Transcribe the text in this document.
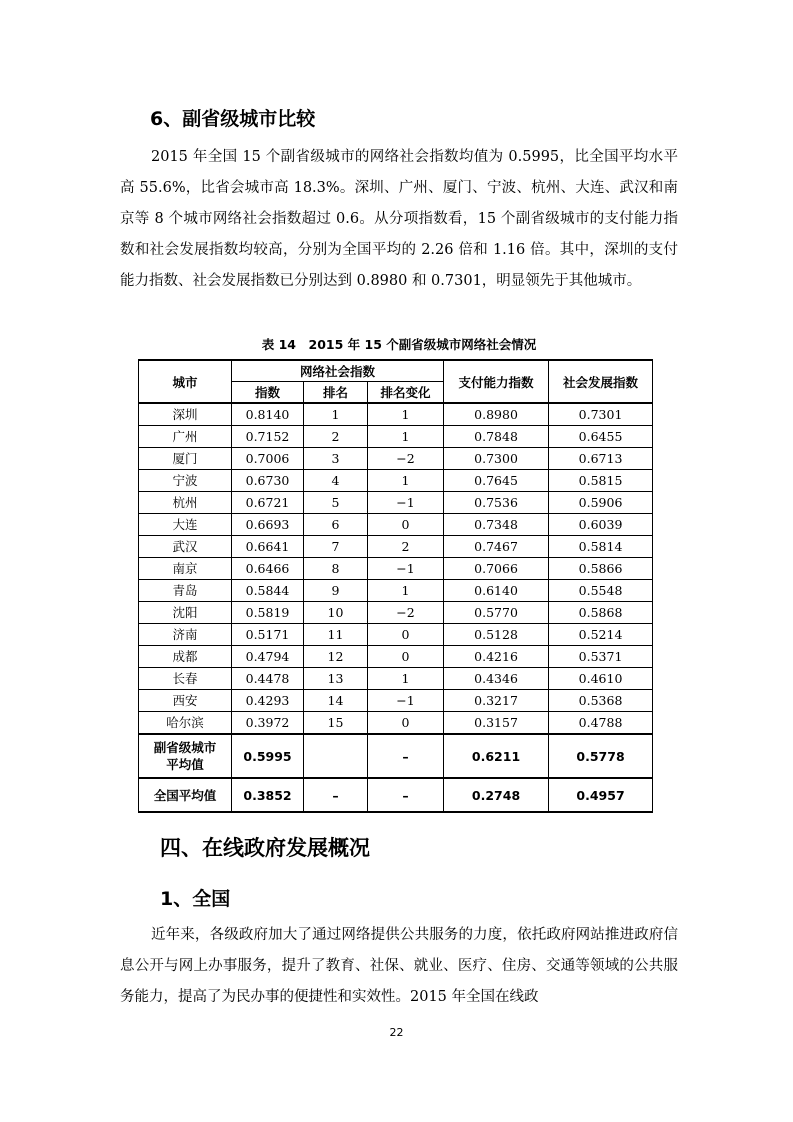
6、副省级城市比较
2015 年全国 15 个副省级城市的网络社会指数均值为 0.5995，比全国平均水平高 55.6%，比省会城市高 18.3%。深圳、广州、厦门、宁波、杭州、大连、武汉和南京等 8 个城市网络社会指数超过 0.6。从分项指数看，15 个副省级城市的支付能力指数和社会发展指数均较高，分别为全国平均的 2.26 倍和 1.16 倍。其中，深圳的支付能力指数、社会发展指数已分别达到 0.8980 和 0.7301，明显领先于其他城市。
表 14　2015 年 15 个副省级城市网络社会情况
城市	网络社会指数			支付能力指数	社会发展指数
	指数	排名	排名变化		
深圳	0.8140	1	1	0.8980	0.7301
广州	0.7152	2	1	0.7848	0.6455
厦门	0.7006	3	−2	0.7300	0.6713
宁波	0.6730	4	1	0.7645	0.5815
杭州	0.6721	5	−1	0.7536	0.5906
大连	0.6693	6	0	0.7348	0.6039
武汉	0.6641	7	2	0.7467	0.5814
南京	0.6466	8	−1	0.7066	0.5866
青岛	0.5844	9	1	0.6140	0.5548
沈阳	0.5819	10	−2	0.5770	0.5868
济南	0.5171	11	0	0.5128	0.5214
成都	0.4794	12	0	0.4216	0.5371
长春	0.4478	13	1	0.4346	0.4610
西安	0.4293	14	−1	0.3217	0.5368
哈尔滨	0.3972	15	0	0.3157	0.4788
副省级城市
平均值	0.5995		–	0.6211	0.5778
全国平均值	0.3852	–	–	0.2748	0.4957
四、在线政府发展概况
1、全国
近年来，各级政府加大了通过网络提供公共服务的力度，依托政府网站推进政府信息公开与网上办事服务，提升了教育、社保、就业、医疗、住房、交通等领域的公共服务能力，提高了为民办事的便捷性和实效性。2015 年全国在线政
22
